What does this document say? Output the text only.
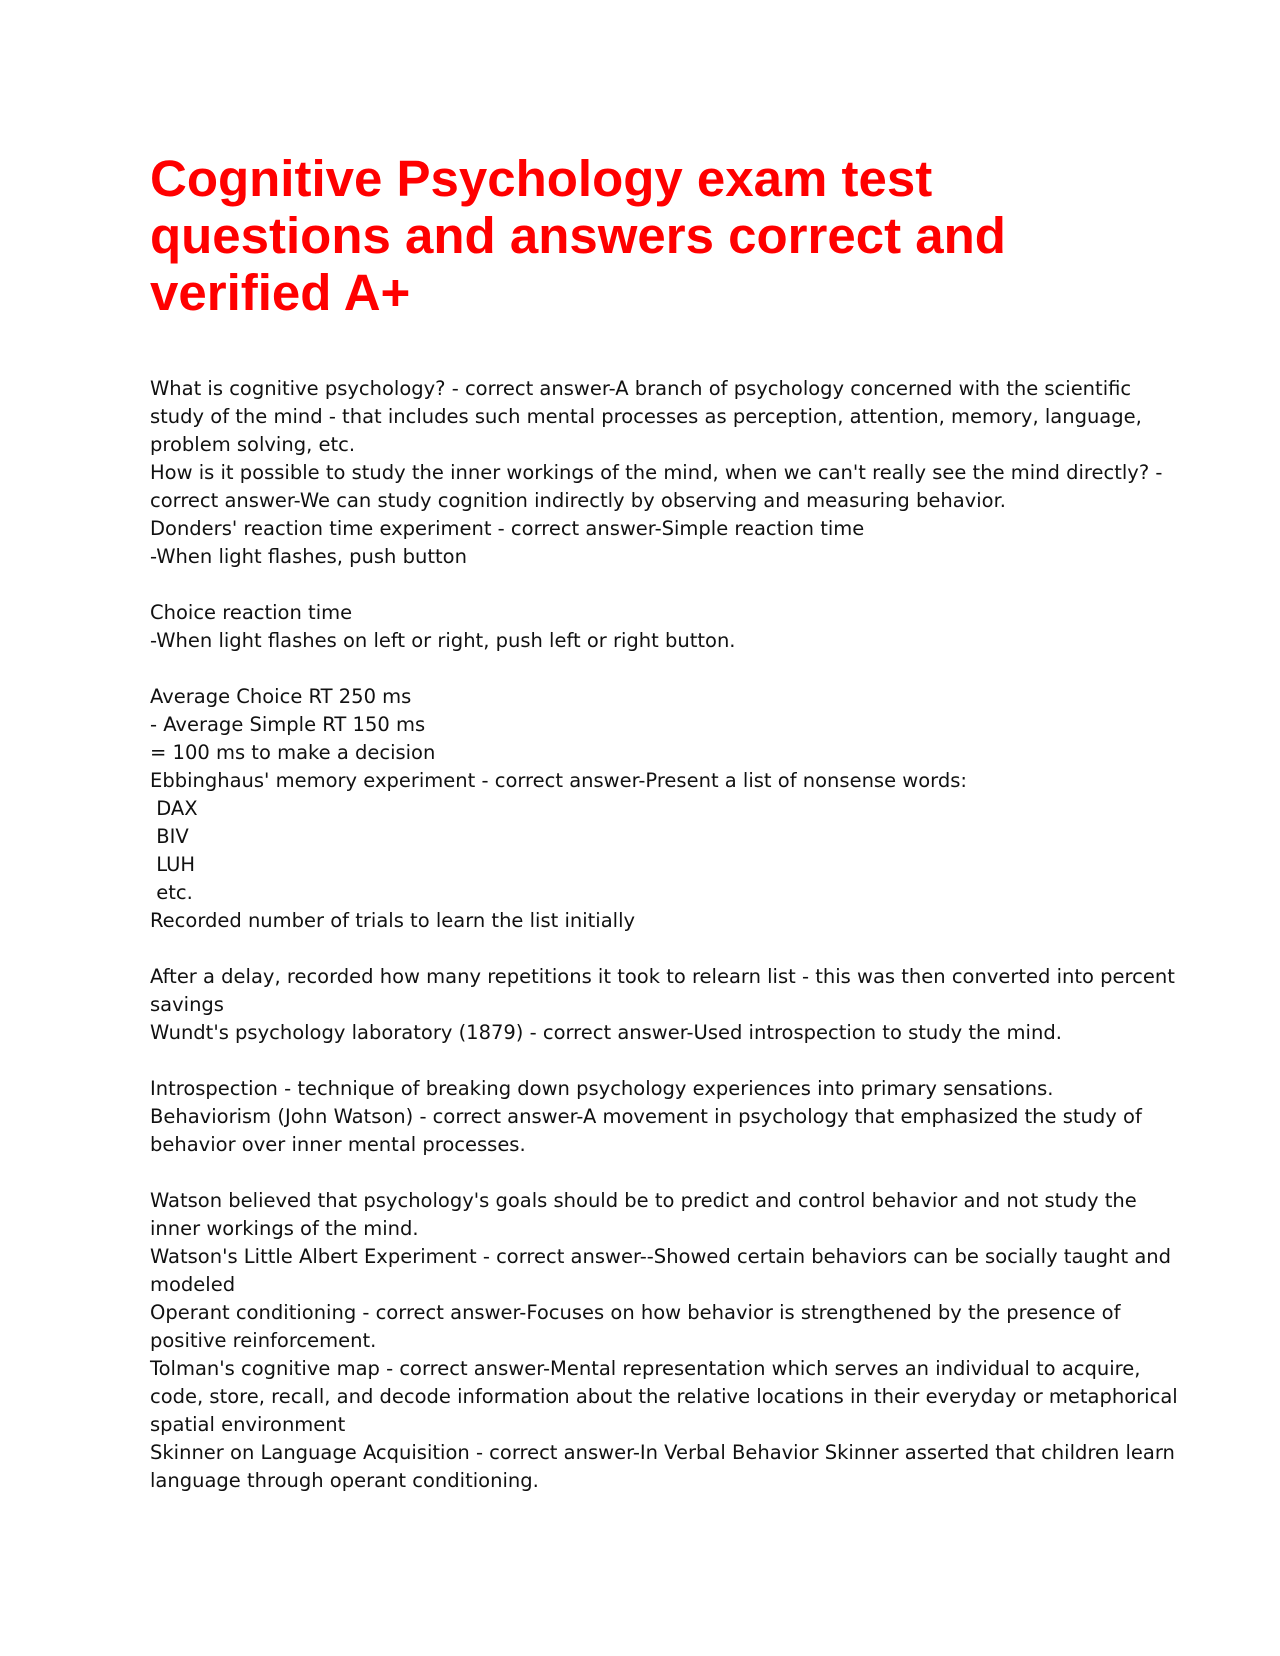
Cognitive Psychology exam test
questions and answers correct and
verified A+
What is cognitive psychology? - correct answer-A branch of psychology concerned with the scientific
study of the mind - that includes such mental processes as perception, attention, memory, language,
problem solving, etc.
How is it possible to study the inner workings of the mind, when we can't really see the mind directly? -
correct answer-We can study cognition indirectly by observing and measuring behavior.
Donders' reaction time experiment - correct answer-Simple reaction time
-When light flashes, push button
Choice reaction time
-When light flashes on left or right, push left or right button.
Average Choice RT 250 ms
- Average Simple RT 150 ms
= 100 ms to make a decision
Ebbinghaus' memory experiment - correct answer-Present a list of nonsense words:
DAX
BIV
LUH
etc.
Recorded number of trials to learn the list initially
After a delay, recorded how many repetitions it took to relearn list - this was then converted into percent
savings
Wundt's psychology laboratory (1879) - correct answer-Used introspection to study the mind.
Introspection - technique of breaking down psychology experiences into primary sensations.
Behaviorism (John Watson) - correct answer-A movement in psychology that emphasized the study of
behavior over inner mental processes.
Watson believed that psychology's goals should be to predict and control behavior and not study the
inner workings of the mind.
Watson's Little Albert Experiment - correct answer--Showed certain behaviors can be socially taught and
modeled
Operant conditioning - correct answer-Focuses on how behavior is strengthened by the presence of
positive reinforcement.
Tolman's cognitive map - correct answer-Mental representation which serves an individual to acquire,
code, store, recall, and decode information about the relative locations in their everyday or metaphorical
spatial environment
Skinner on Language Acquisition - correct answer-In Verbal Behavior Skinner asserted that children learn
language through operant conditioning.
